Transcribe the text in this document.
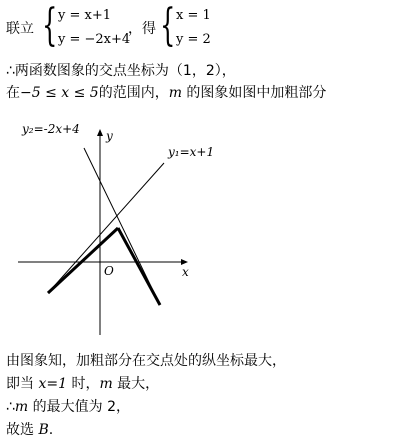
联立 { y = x+1
y = −2x+4
，得 { x = 1
y = 2
∴两函数图象的交点坐标为（1，2），
在−5 ≤ x ≤ 5的范围内，m 的图象如图中加粗部分
y₂=-2x+4
y₁=x+1
y
x
O
由图象知，加粗部分在交点处的纵坐标最大，
即当 x=1 时，m 最大，
∴m 的最大值为 2，
故选 B.
